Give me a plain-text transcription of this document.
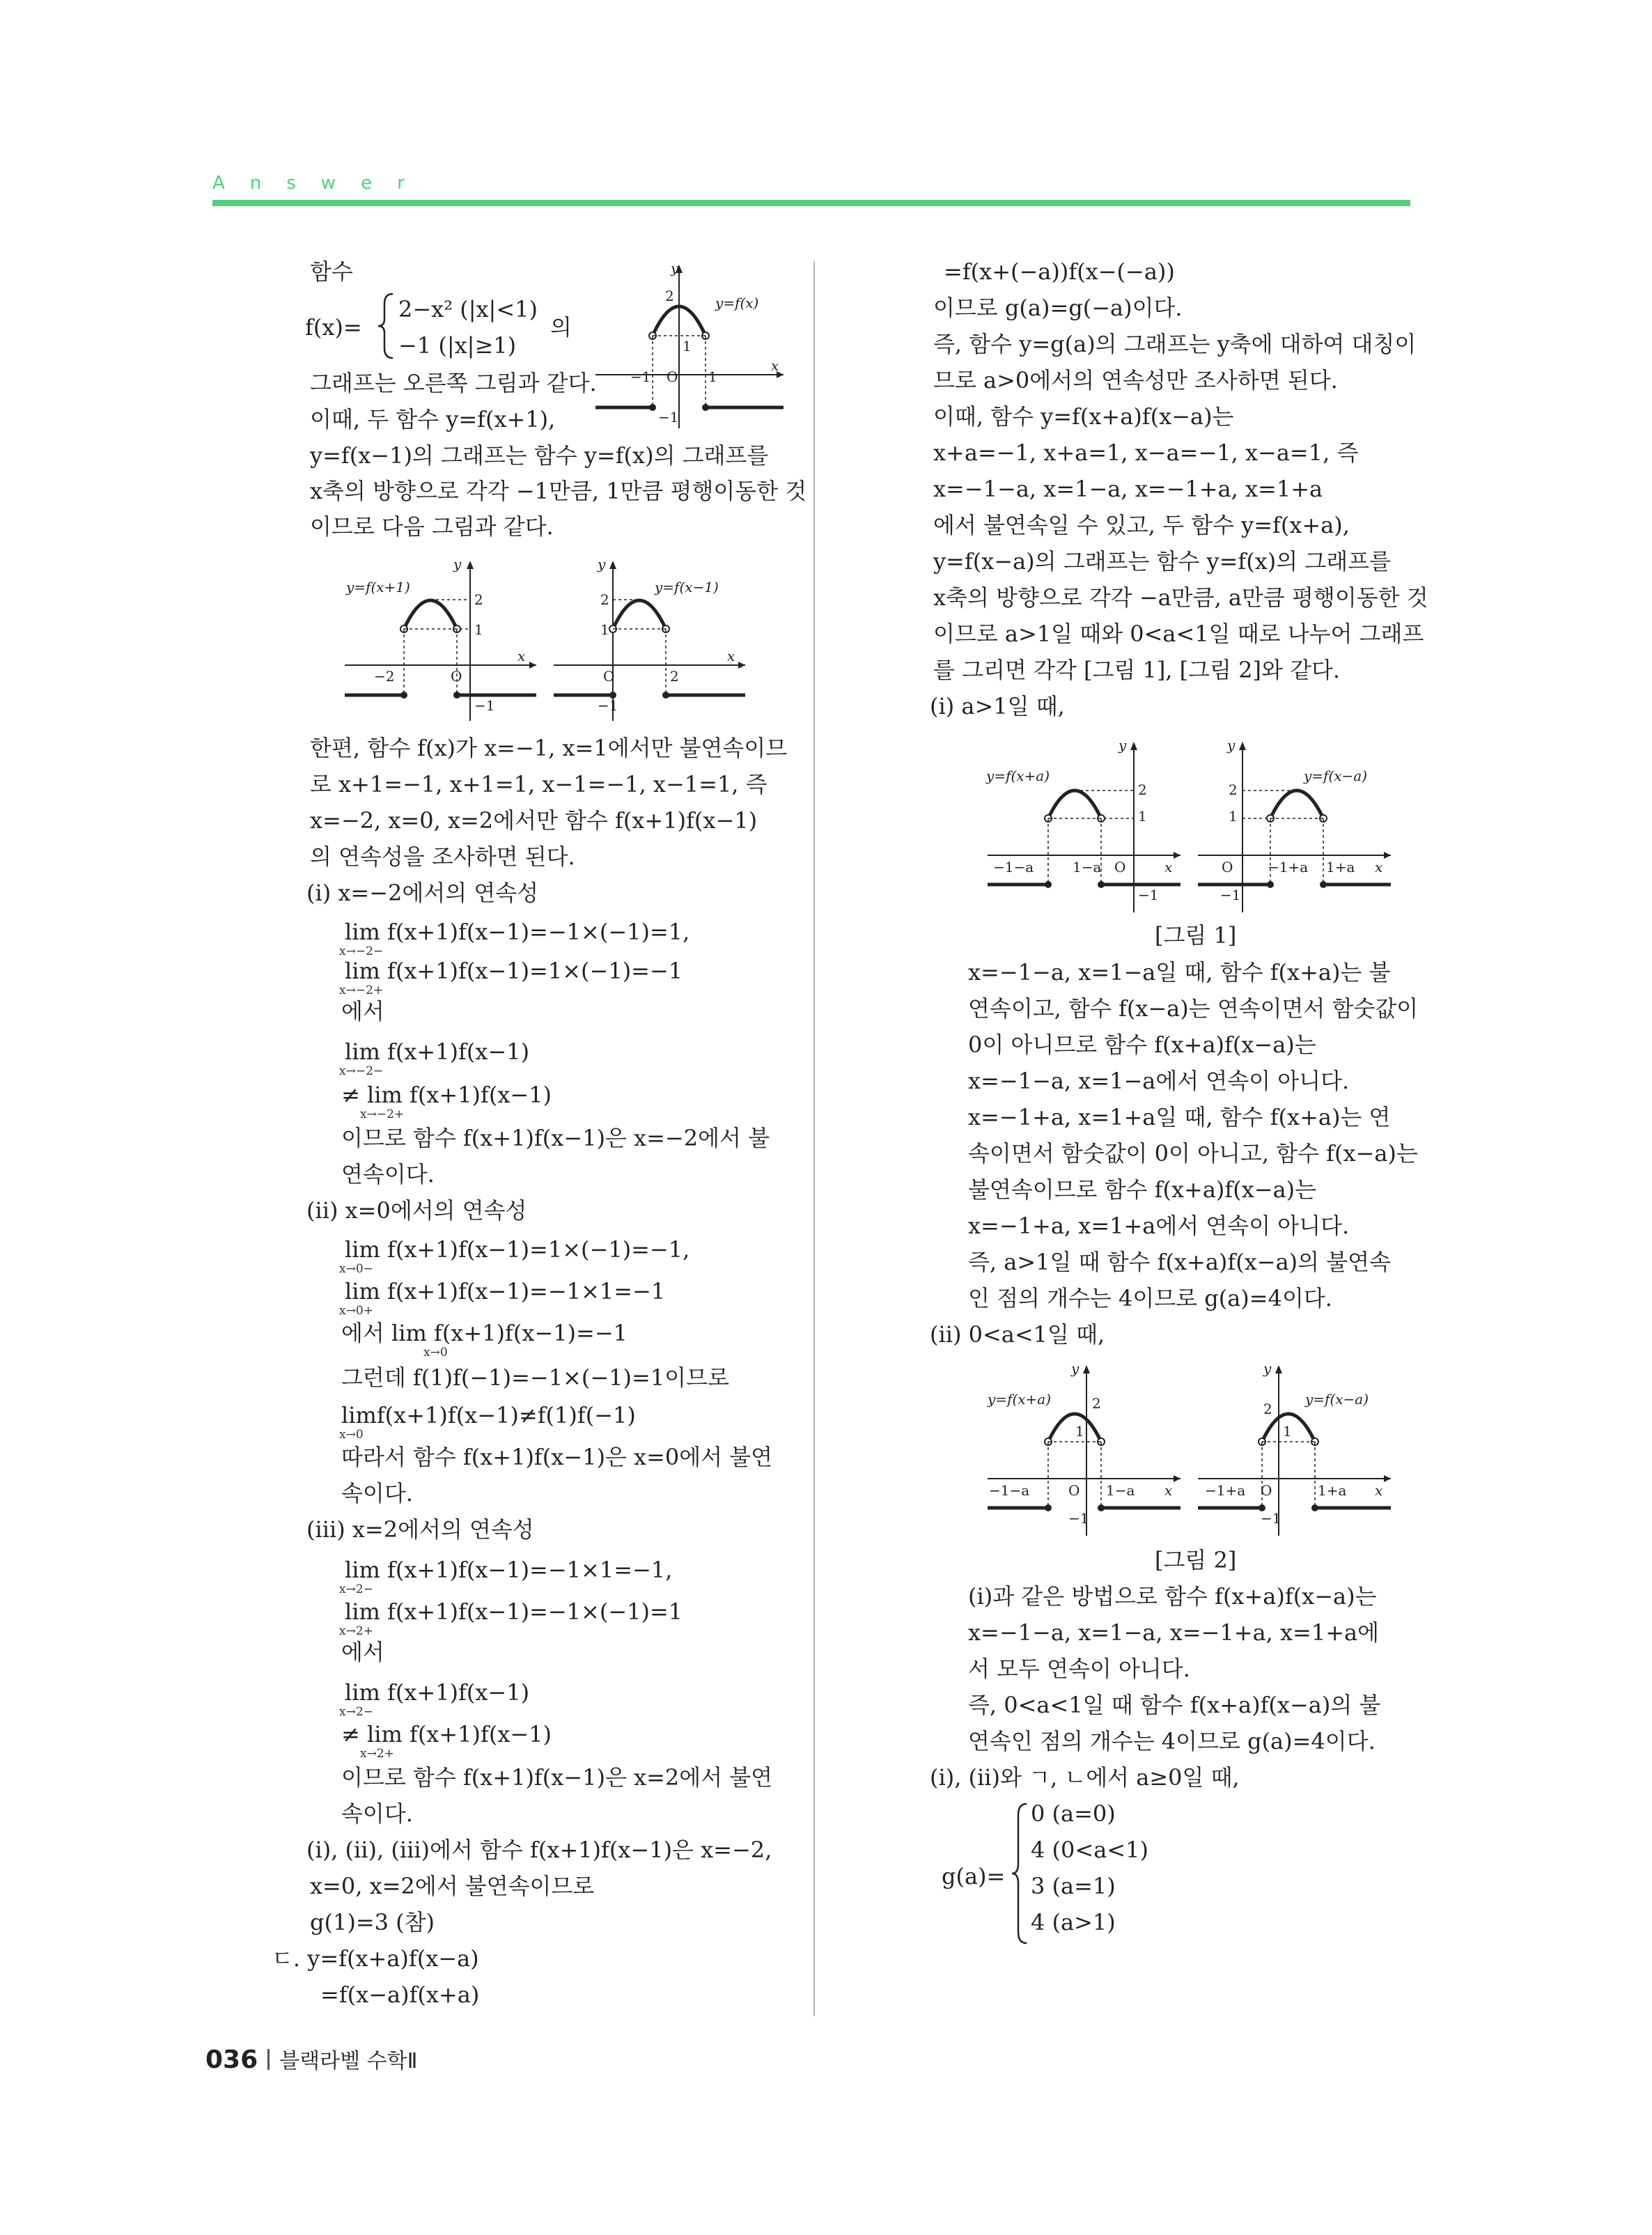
Answer
함수
f(x)=
2−x² (|x|<1)
−1 (|x|≥1)
의
그래프는 오른쪽 그림과 같다.
이때, 두 함수 y=f(x+1),
y=f(x−1)의 그래프는 함수 y=f(x)의 그래프를
x축의 방향으로 각각 −1만큼, 1만큼 평행이동한 것
이므로 다음 그림과 같다.
y
x
y=f(x)
2
1
−1 O 1
−1
y
x
y=f(x+1)
2
1
−2	O
−1
y
x
y=f(x−1)
2
1
O	2
−1
한편, 함수 f(x)가 x=−1, x=1에서만 불연속이므
로 x+1=−1, x+1=1, x−1=−1, x−1=1, 즉
x=−2, x=0, x=2에서만 함수 f(x+1)f(x−1)
의 연속성을 조사하면 된다.
(ⅰ) x=−2에서의 연속성
lim f(x+1)f(x−1)=−1×(−1)=1,
x→−2−
lim f(x+1)f(x−1)=1×(−1)=−1
x→−2+
에서
lim f(x+1)f(x−1)
x→−2−
≠ lim f(x+1)f(x−1)
x→−2+
이므로 함수 f(x+1)f(x−1)은 x=−2에서 불
연속이다.
(ⅱ) x=0에서의 연속성
lim f(x+1)f(x−1)=1×(−1)=−1,
x→0−
lim f(x+1)f(x−1)=−1×1=−1
x→0+
에서 lim f(x+1)f(x−1)=−1
x→0
그런데 f(1)f(−1)=−1×(−1)=1이므로
limf(x+1)f(x−1)≠f(1)f(−1)
x→0
따라서 함수 f(x+1)f(x−1)은 x=0에서 불연
속이다.
(ⅲ) x=2에서의 연속성
lim f(x+1)f(x−1)=−1×1=−1,
x→2−
lim f(x+1)f(x−1)=−1×(−1)=1
x→2+
에서
lim f(x+1)f(x−1)
x→2−
≠ lim f(x+1)f(x−1)
x→2+
이므로 함수 f(x+1)f(x−1)은 x=2에서 불연
속이다.
(ⅰ), (ⅱ), (ⅲ)에서 함수 f(x+1)f(x−1)은 x=−2,
x=0, x=2에서 불연속이므로
g(1)=3 (참)
ㄷ. y=f(x+a)f(x−a)
=f(x−a)f(x+a)
=f(x+(−a))f(x−(−a))
이므로 g(a)=g(−a)이다.
즉, 함수 y=g(a)의 그래프는 y축에 대하여 대칭이
므로 a>0에서의 연속성만 조사하면 된다.
이때, 함수 y=f(x+a)f(x−a)는
x+a=−1, x+a=1, x−a=−1, x−a=1, 즉
x=−1−a, x=1−a, x=−1+a, x=1+a
에서 불연속일 수 있고, 두 함수 y=f(x+a),
y=f(x−a)의 그래프는 함수 y=f(x)의 그래프를
x축의 방향으로 각각 −a만큼, a만큼 평행이동한 것
이므로 a>1일 때와 0<a<1일 때로 나누어 그래프
를 그리면 각각 [그림 1], [그림 2]와 같다.
(ⅰ) a>1일 때,
y
x
y=f(x+a)
2
1
−1−a	1−a O
−1
y
x
y=f(x−a)
2
1
O −1+a 1+a
−1
[그림 1]
x=−1−a, x=1−a일 때, 함수 f(x+a)는 불
연속이고, 함수 f(x−a)는 연속이면서 함숫값이
0이 아니므로 함수 f(x+a)f(x−a)는
x=−1−a, x=1−a에서 연속이 아니다.
x=−1+a, x=1+a일 때, 함수 f(x+a)는 연
속이면서 함숫값이 0이 아니고, 함수 f(x−a)는
불연속이므로 함수 f(x+a)f(x−a)는
x=−1+a, x=1+a에서 연속이 아니다.
즉, a>1일 때 함수 f(x+a)f(x−a)의 불연속
인 점의 개수는 4이므로 g(a)=4이다.
(ⅱ) 0<a<1일 때,
y
x
y=f(x+a)	2
1
−1−a	O 1−a
−1
y
x
y=f(x−a)
2
1
−1+a O	1+a
−1
[그림 2]
(ⅰ)과 같은 방법으로 함수 f(x+a)f(x−a)는
x=−1−a, x=1−a, x=−1+a, x=1+a에
서 모두 연속이 아니다.
즉, 0<a<1일 때 함수 f(x+a)f(x−a)의 불
연속인 점의 개수는 4이므로 g(a)=4이다.
(ⅰ), (ⅱ)와 ㄱ, ㄴ에서 a≥0일 때,
g(a)=
0 (a=0)
4 (0<a<1)
3 (a=1)
4 (a>1)
036 블랙라벨 수학Ⅱ
